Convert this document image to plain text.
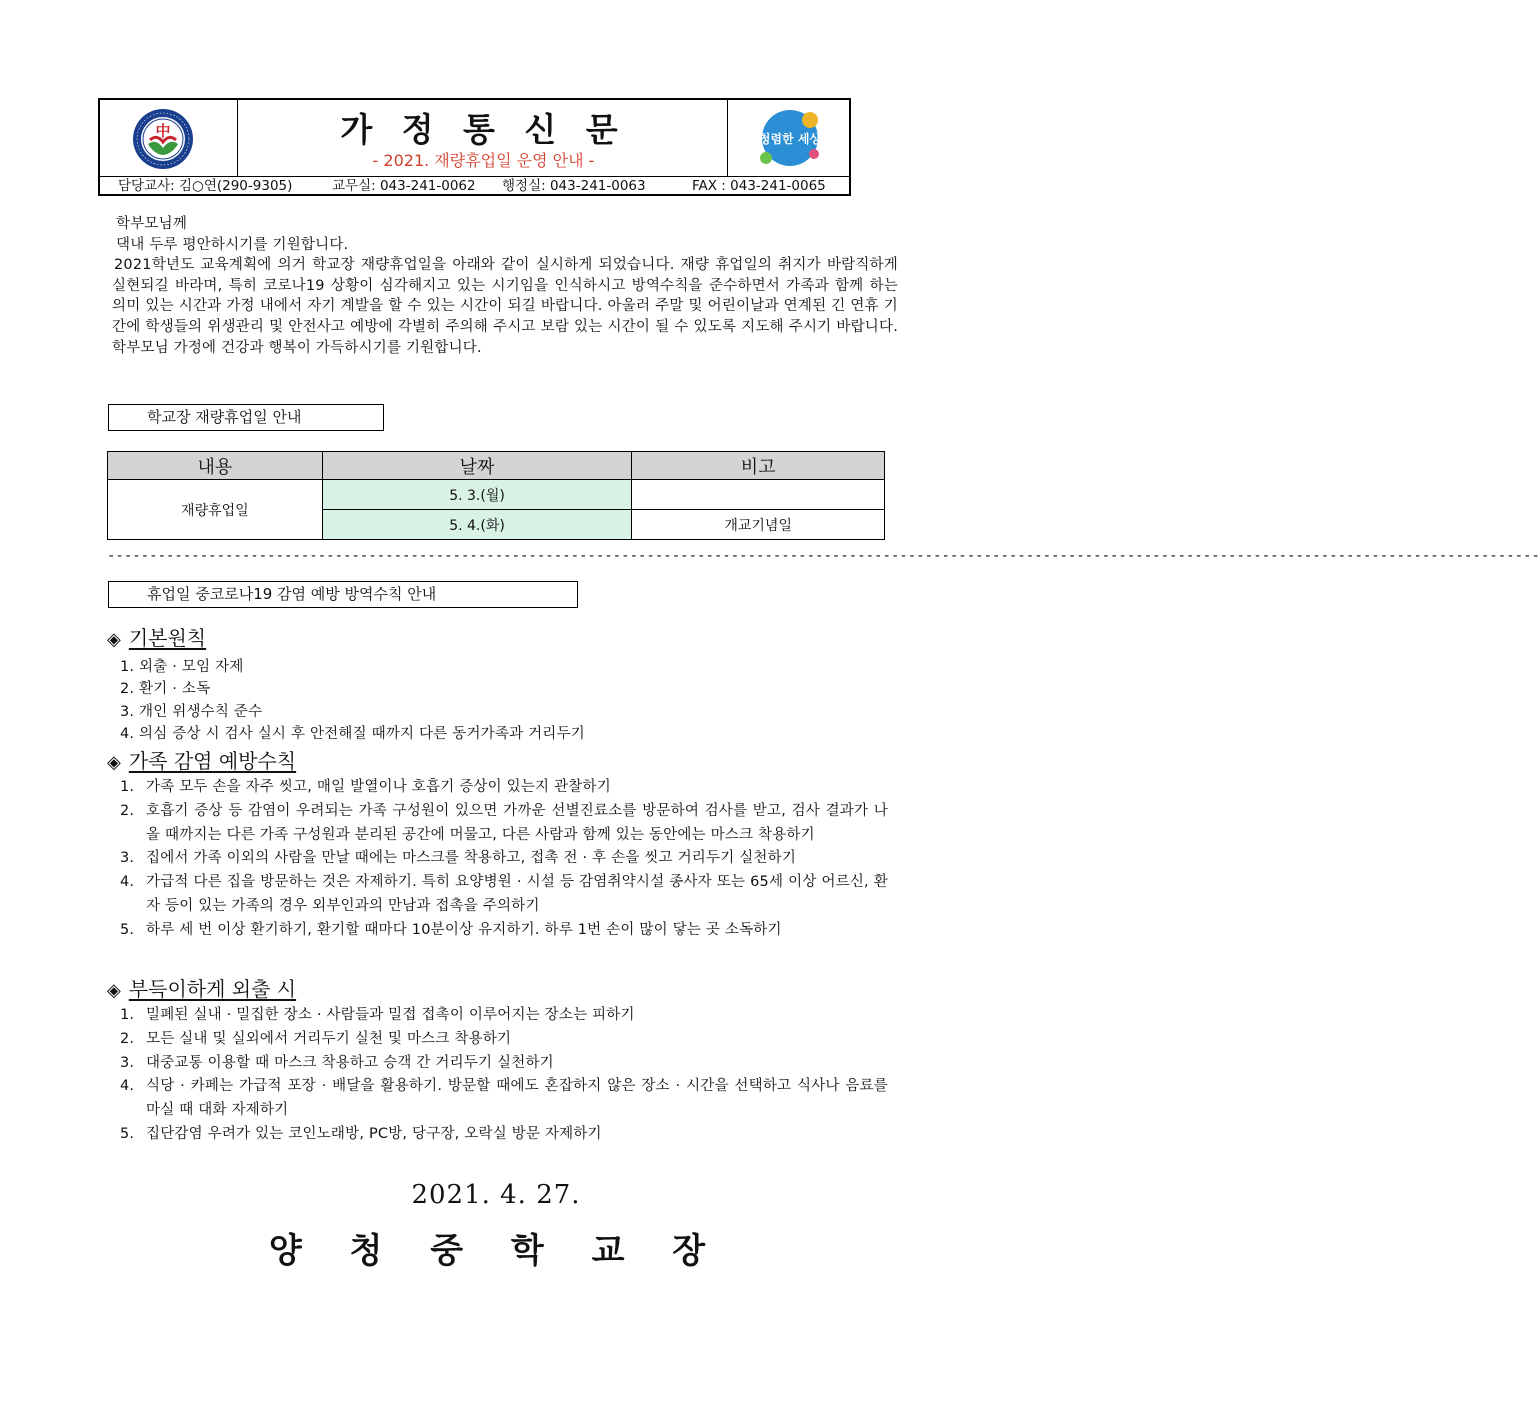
中	가 정 통 신 문
- 2021. 재량휴업일 운영 안내 -
청렴한 세상
담당교사: 김○연(290-9305)	교무실: 043-241-0062 행정실: 043-241-0063	FAX : 043-241-0065

학부모님께

댁내 두루 평안하시기를 기원합니다.

2021학년도 교육계획에 의거 학교장 재량휴업일을 아래와 같이 실시하게 되었습니다. 재량 휴업일의 취지가 바람직하게 실현되길 바라며, 특히 코로나19 상황이 심각해지고 있는 시기임을 인식하시고 방역수칙을 준수하면서 가족과 함께 하는 의미 있는 시간과 가정 내에서 자기 계발을 할 수 있는 시간이 되길 바랍니다. 아울러 주말 및 어린이날과 연계된 긴 연휴 기간에 학생들의 위생관리 및 안전사고 예방에 각별히 주의해 주시고 보람 있는 시간이 될 수 있도록 지도해 주시기 바랍니다. 학부모님 가정에 건강과 행복이 가득하시기를 기원합니다.

학교장 재량휴업일 안내
내용	날짜	비고
재량휴업일	5. 3.(월)	
	5. 4.(화)	개교기념일
--------------------------------------------------------------------------------------------------------------------------------------------------------------------------
휴업일 중코로나19 감염 예방 방역수칙 안내
◈ 기본원칙
1. 외출 · 모임 자제
2. 환기 · 소독
3. 개인 위생수칙 준수
4. 의심 증상 시 검사 실시 후 안전해질 때까지 다른 동거가족과 거리두기
◈ 가족 감염 예방수칙
1. 가족 모두 손을 자주 씻고, 매일 발열이나 호흡기 증상이 있는지 관찰하기
2. 호흡기 증상 등 감염이 우려되는 가족 구성원이 있으면 가까운 선별진료소를 방문하여 검사를 받고, 검사 결과가 나올 때까지는 다른 가족 구성원과 분리된 공간에 머물고, 다른 사람과 함께 있는 동안에는 마스크 착용하기
3. 집에서 가족 이외의 사람을 만날 때에는 마스크를 착용하고, 접촉 전 · 후 손을 씻고 거리두기 실천하기
4. 가급적 다른 집을 방문하는 것은 자제하기. 특히 요양병원 · 시설 등 감염취약시설 종사자 또는 65세 이상 어르신, 환자 등이 있는 가족의 경우 외부인과의 만남과 접촉을 주의하기
5. 하루 세 번 이상 환기하기, 환기할 때마다 10분이상 유지하기. 하루 1번 손이 많이 닿는 곳 소독하기
◈ 부득이하게 외출 시
1. 밀폐된 실내 · 밀집한 장소 · 사람들과 밀접 접촉이 이루어지는 장소는 피하기
2. 모든 실내 및 실외에서 거리두기 실천 및 마스크 착용하기
3. 대중교통 이용할 때 마스크 착용하고 승객 간 거리두기 실천하기
4. 식당 · 카페는 가급적 포장 · 배달을 활용하기. 방문할 때에도 혼잡하지 않은 장소 · 시간을 선택하고 식사나 음료를 마실 때 대화 자제하기
5. 집단감염 우려가 있는 코인노래방, PC방, 당구장, 오락실 방문 자제하기
2021. 4. 27.
양 청 중 학 교 장
